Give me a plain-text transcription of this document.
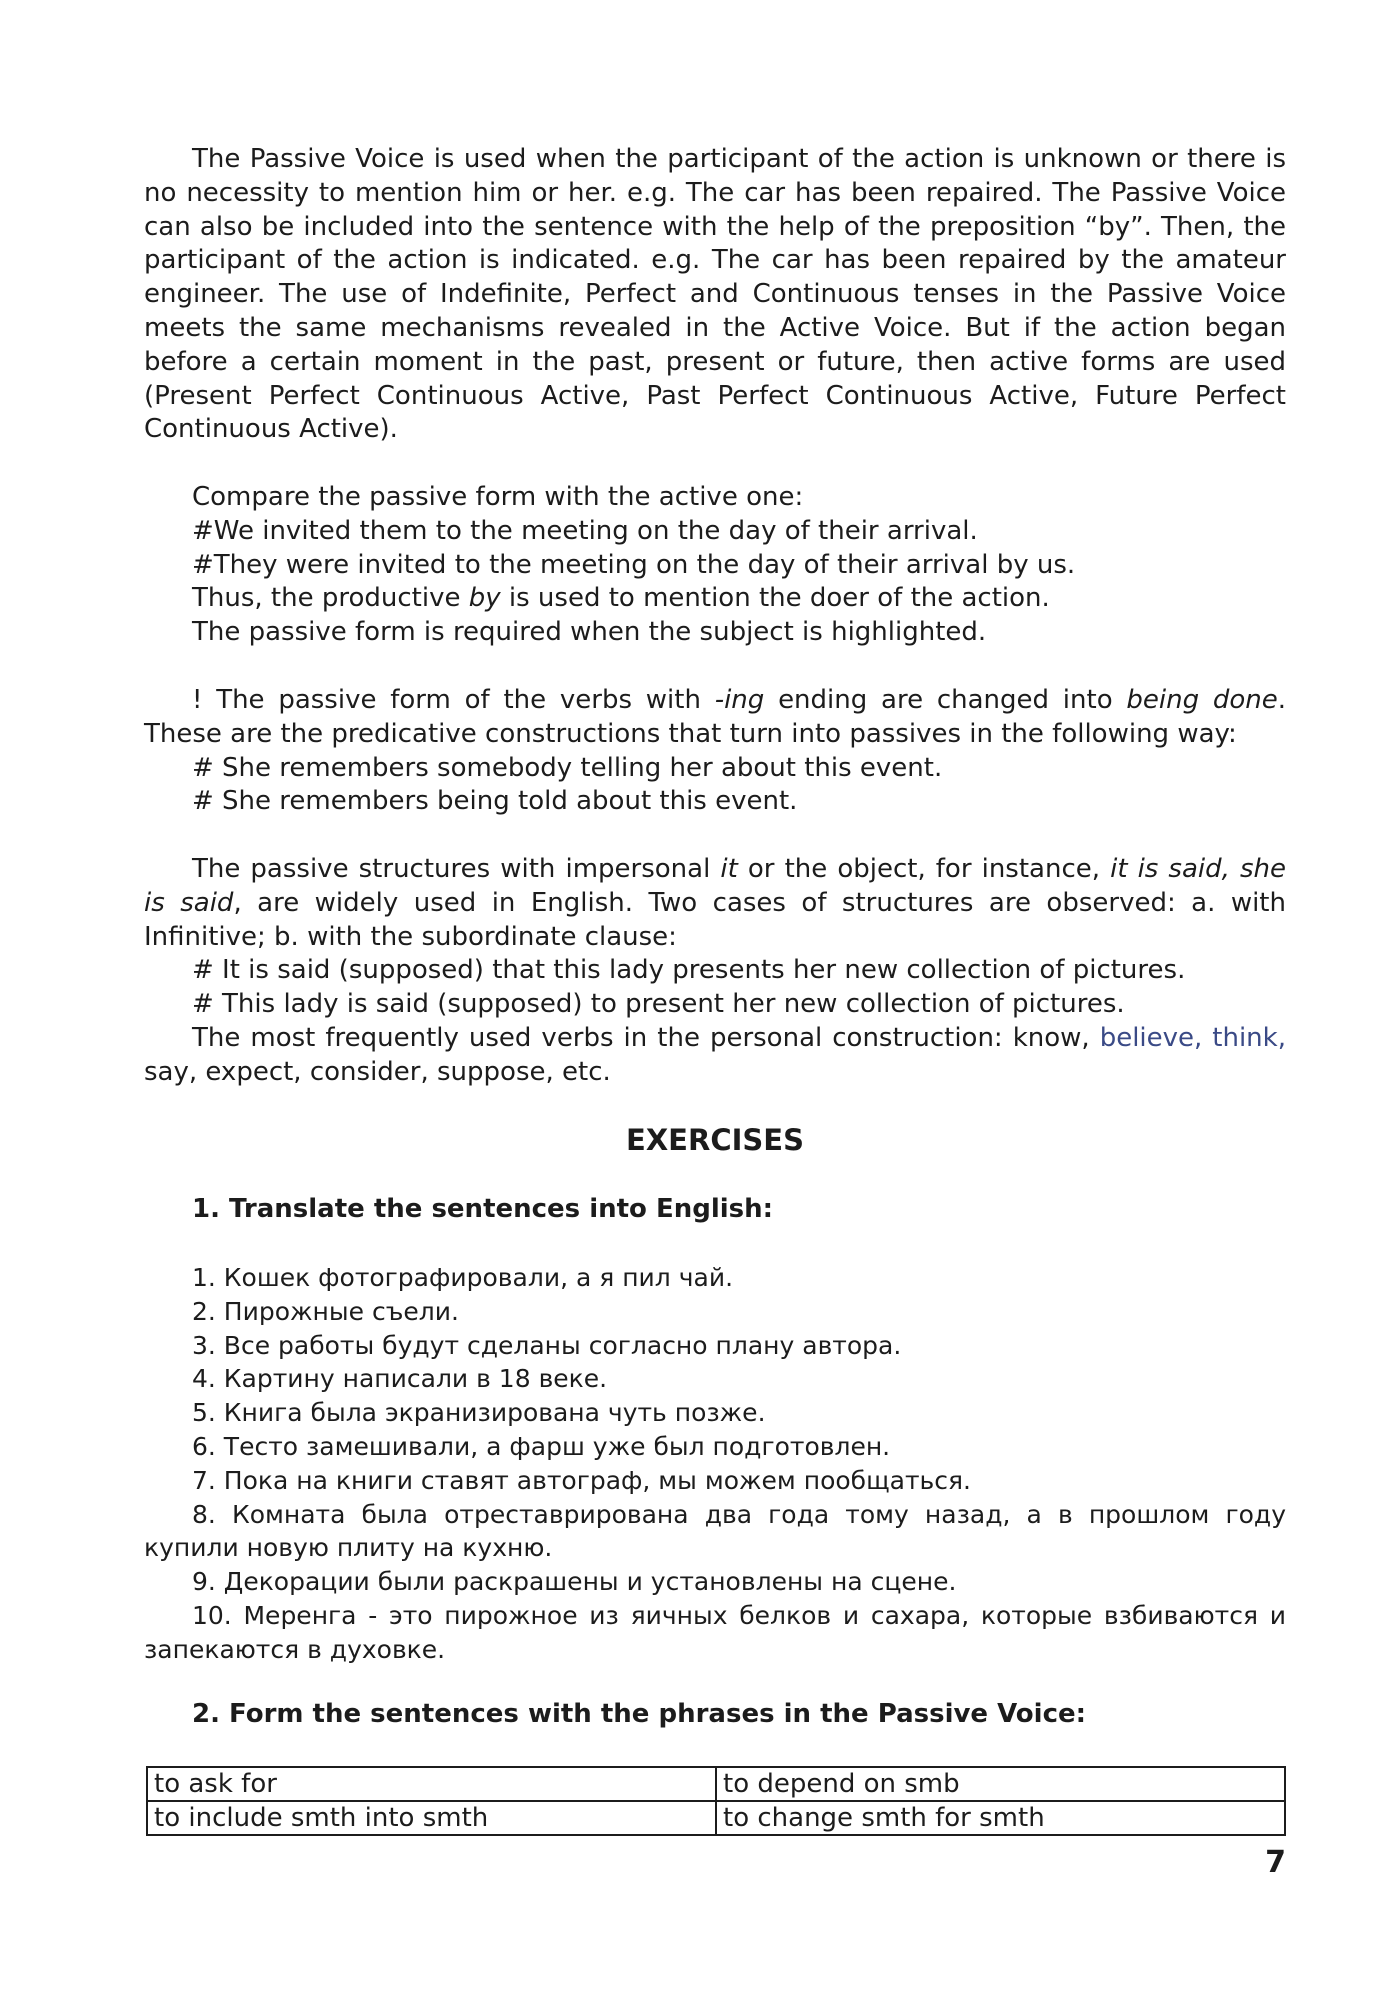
The Passive Voice is used when the participant of the action is unknown or there is no necessity to mention him or her. e.g. The car has been repaired. The Passive Voice can also be included into the sentence with the help of the preposition “by”. Then, the participant of the action is indicated. e.g. The car has been repaired by the amateur engineer. The use of Indefinite, Perfect and Continuous tenses in the Passive Voice meets the same mechanisms revealed in the Active Voice. But if the action began before a certain moment in the past, present or future, then active forms are used (Present Perfect Continuous Active, Past Perfect Continuous Active, Future Perfect Continuous Active).

Compare the passive form with the active one:

#We invited them to the meeting on the day of their arrival.

#They were invited to the meeting on the day of their arrival by us.

Thus, the productive by is used to mention the doer of the action.

The passive form is required when the subject is highlighted.

! The passive form of the verbs with -ing ending are changed into being done. These are the predicative constructions that turn into passives in the following way:

# She remembers somebody telling her about this event.

# She remembers being told about this event.

The passive structures with impersonal it or the object, for instance, it is said, she is said, are widely used in English. Two cases of structures are observed: a. with Infinitive; b. with the subordinate clause:

# It is said (supposed) that this lady presents her new collection of pictures.

# This lady is said (supposed) to present her new collection of pictures.

The most frequently used verbs in the personal construction: know, believe, think, say, expect, consider, suppose, etc.

EXERCISES

1. Translate the sentences into English:

1. Кошек фотографировали, а я пил чай.

2. Пирожные съели.

3. Все работы будут сделаны согласно плану автора.

4. Картину написали в 18 веке.

5. Книга была экранизирована чуть позже.

6. Тесто замешивали, а фарш уже был подготовлен.

7. Пока на книги ставят автограф, мы можем пообщаться.

8. Комната была отреставрирована два года тому назад, а в прошлом году купили новую плиту на кухню.

9. Декорации были раскрашены и установлены на сцене.

10. Меренга - это пирожное из яичных белков и сахара, которые взбиваются и запекаются в духовке.

2. Form the sentences with the phrases in the Passive Voice:

to ask for	to depend on smb
to include smth into smth	to change smth for smth
7
